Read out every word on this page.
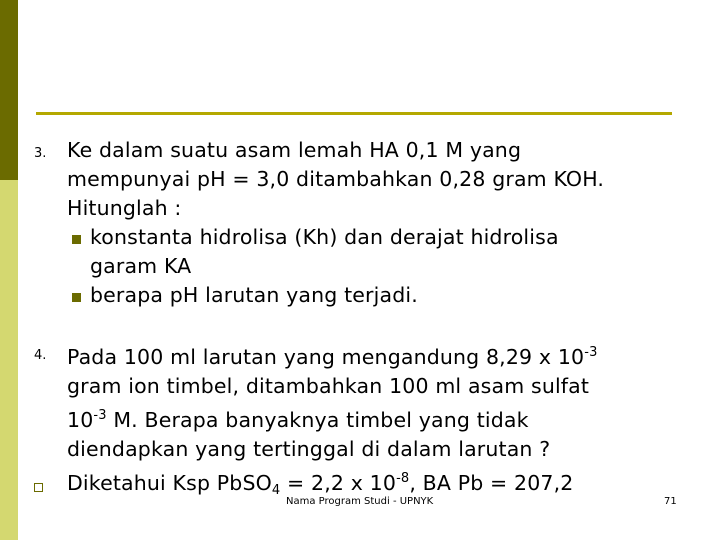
3. Ke dalam suatu asam lemah HA 0,1 M yang

mempunyai pH = 3,0 ditambahkan 0,28 gram KOH.

Hitunglah :

konstanta hidrolisa (Kh) dan derajat hidrolisa

garam KA

berapa pH larutan yang terjadi.

4. Pada 100 ml larutan yang mengandung 8,29 x $10^{-3}$

gram ion timbel, ditambahkan 100 ml asam sulfat

$10^{-3}$ M. Berapa banyaknya timbel yang tidak

diendapkan yang tertinggal di dalam larutan ?

Diketahui Ksp PbSO$_4$ = 2,2 x $10^{-8}$, BA Pb = 207,2

Nama Program Studi - UPNYK	71
